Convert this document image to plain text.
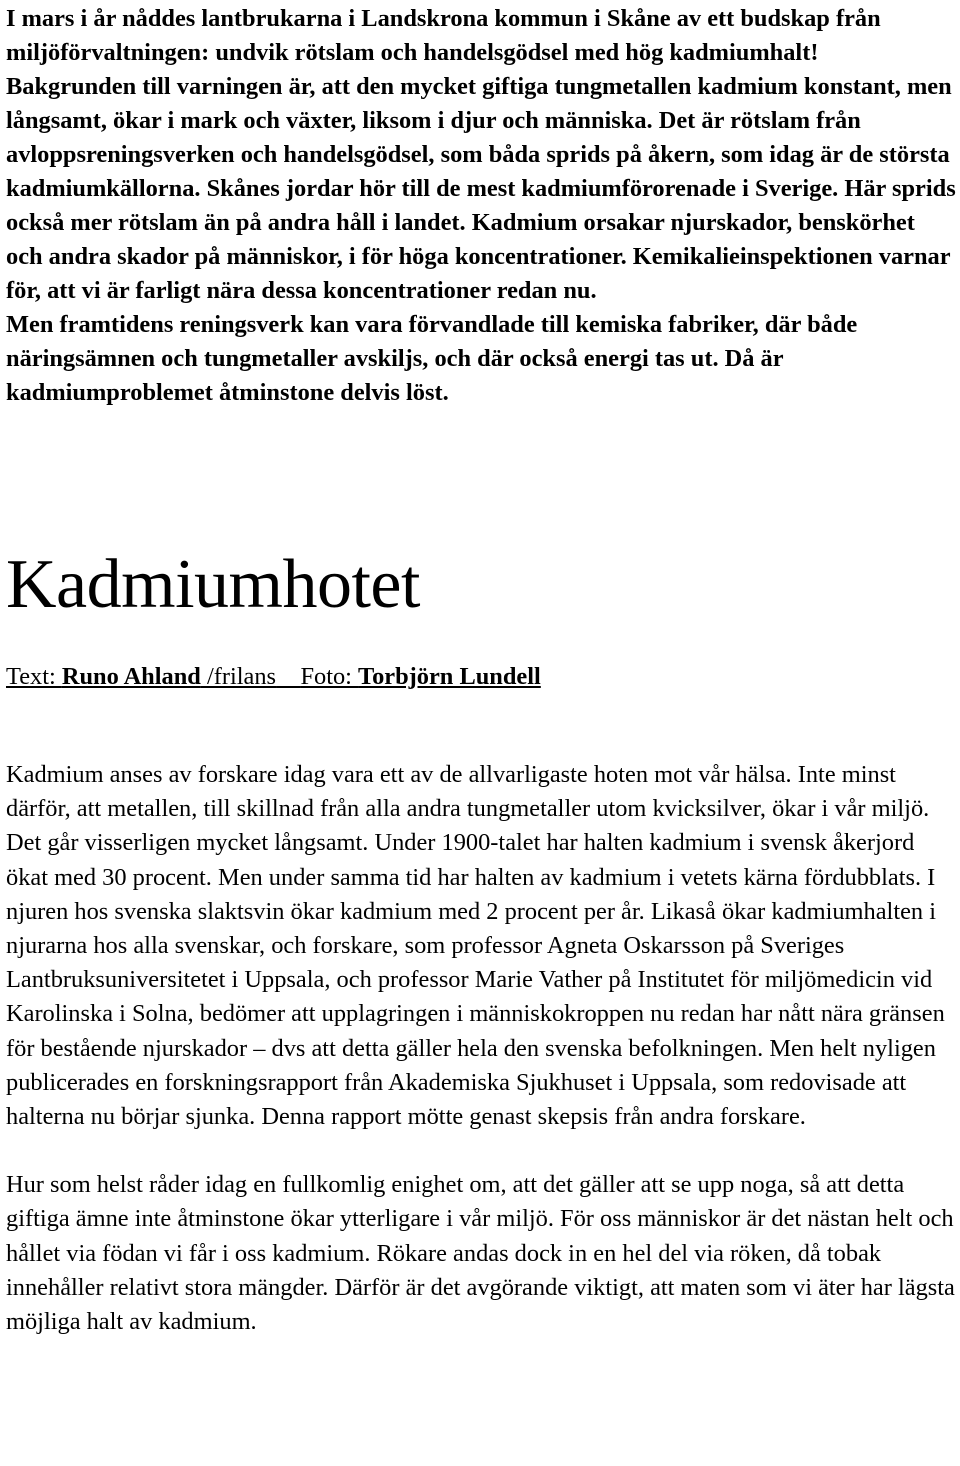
I mars i år nåddes lantbrukarna i Landskrona kommun i Skåne av ett budskap från miljöförvaltningen: undvik rötslam och handelsgödsel med hög kadmiumhalt!

Bakgrunden till varningen är, att den mycket giftiga tungmetallen kadmium konstant, men långsamt, ökar i mark och växter, liksom i djur och människa. Det är rötslam från avloppsreningsverken och handelsgödsel, som båda sprids på åkern, som idag är de största kadmiumkällorna. Skånes jordar hör till de mest kadmiumförorenade i Sverige. Här sprids också mer rötslam än på andra håll i landet. Kadmium orsakar njurskador, benskörhet och andra skador på människor, i för höga koncentrationer. Kemikalieinspektionen varnar för, att vi är farligt nära dessa koncentrationer redan nu.

Men framtidens reningsverk kan vara förvandlade till kemiska fabriker, där både näringsämnen och tungmetaller avskiljs, och där också energi tas ut. Då är kadmiumproblemet åtminstone delvis löst.

Kadmiumhotet
Text: Runo Ahland /frilans Foto: Torbjörn Lundell

Kadmium anses av forskare idag vara ett av de allvarligaste hoten mot vår hälsa. Inte minst därför, att metallen, till skillnad från alla andra tungmetaller utom kvicksilver, ökar i vår miljö. Det går visserligen mycket långsamt. Under 1900-talet har halten kadmium i svensk åkerjord ökat med 30 procent. Men under samma tid har halten av kadmium i vetets kärna fördubblats. I njuren hos svenska slaktsvin ökar kadmium med 2 procent per år. Likaså ökar kadmiumhalten i njurarna hos alla svenskar, och forskare, som professor Agneta Oskarsson på Sveriges Lantbruksuniversitetet i Uppsala, och professor Marie Vather på Institutet för miljömedicin vid Karolinska i Solna, bedömer att upplagringen i människokroppen nu redan har nått nära gränsen för bestående njurskador – dvs att detta gäller hela den svenska befolkningen. Men helt nyligen publicerades en forskningsrapport från Akademiska Sjukhuset i Uppsala, som redovisade att halterna nu börjar sjunka. Denna rapport mötte genast skepsis från andra forskare.

Hur som helst råder idag en fullkomlig enighet om, att det gäller att se upp noga, så att detta giftiga ämne inte åtminstone ökar ytterligare i vår miljö. För oss människor är det nästan helt och hållet via födan vi får i oss kadmium. Rökare andas dock in en hel del via röken, då tobak innehåller relativt stora mängder. Därför är det avgörande viktigt, att maten som vi äter har lägsta möjliga halt av kadmium.
